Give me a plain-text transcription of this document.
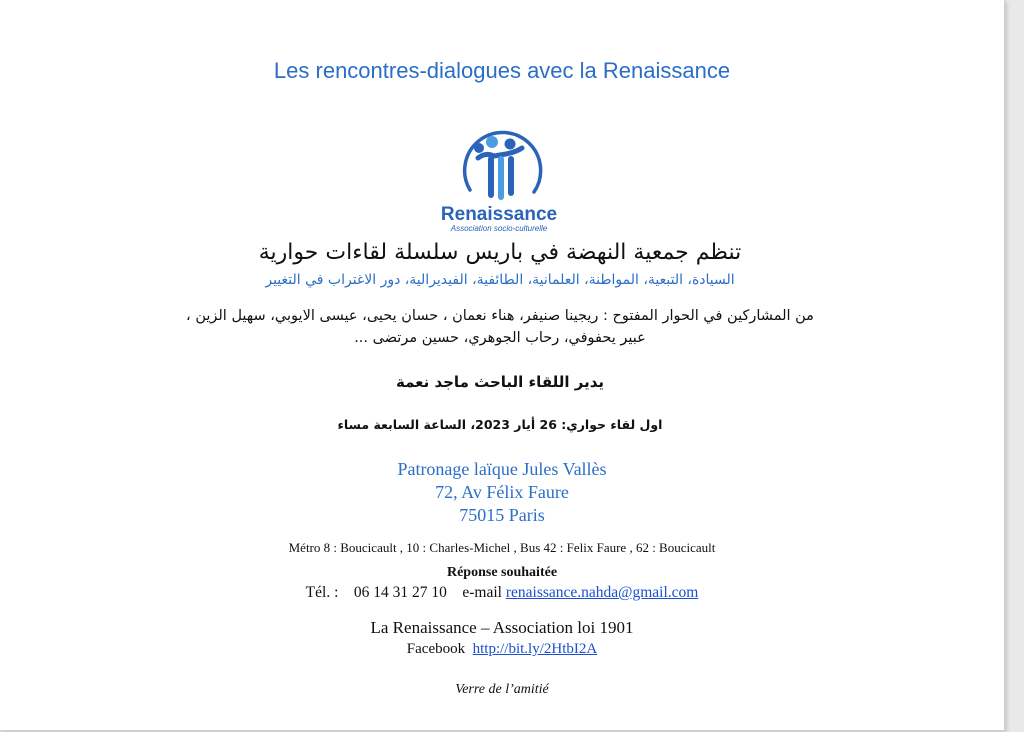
Les rencontres-dialogues avec la Renaissance
Renaissance
Association socio-culturelle
تنظم جمعية النهضة في باريس سلسلة لقاءات حوارية
السيادة، التبعية، المواطنة، العلمانية، الطائفية، الفيديرالية، دور الاغتراب في التغيير
من المشاركين في الحوار المفتوح : ريجينا صنيفر، هناء نعمان ، حسان يحيى، عيسى الايوبي، سهيل الزين ،
عبير يحفوفي، رحاب الجوهري، حسين مرتضى ...
يدير اللقاء الباحث ماجد نعمة
اول لقاء حواري: 26 أيار 2023، الساعة السابعة مساء
Patronage laïque Jules Vallès
72, Av Félix Faure
75015 Paris
Métro 8 : Boucicault , 10 : Charles-Michel , Bus 42 : Felix Faure , 62 : Boucicault
Réponse souhaitée
Tél. : 06 14 31 27 10 e-mail renaissance.nahda@gmail.com
La Renaissance – Association loi 1901
Facebook http://bit.ly/2HtbI2A
Verre de l’amitié
